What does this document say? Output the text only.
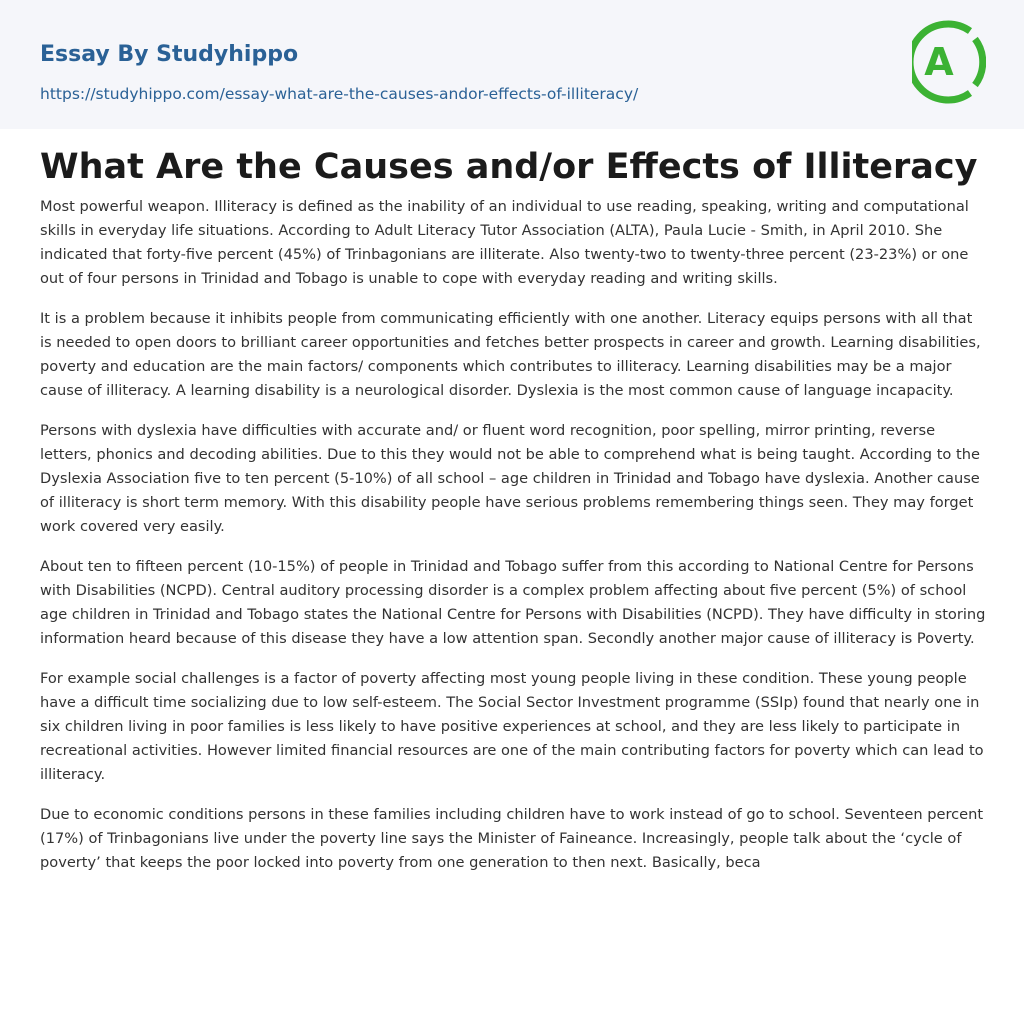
Essay By Studyhippo
https://studyhippo.com/essay-what-are-the-causes-andor-effects-of-illiteracy/
A
What Are the Causes and/or Effects of Illiteracy

Most powerful weapon. Illiteracy is defined as the inability of an individual to use reading, speaking, writing and computational skills in everyday life situations. According to Adult Literacy Tutor Association (ALTA), Paula Lucie - Smith, in April 2010. She indicated that forty-five percent (45%) of Trinbagonians are illiterate. Also twenty-two to twenty-three percent (23-23%) or one out of four persons in Trinidad and Tobago is unable to cope with everyday reading and writing skills.

It is a problem because it inhibits people from communicating efficiently with one another. Literacy equips persons with all that is needed to open doors to brilliant career opportunities and fetches better prospects in career and growth. Learning disabilities, poverty and education are the main factors/ components which contributes to illiteracy. Learning disabilities may be a major cause of illiteracy. A learning disability is a neurological disorder. Dyslexia is the most common cause of language incapacity.

Persons with dyslexia have difficulties with accurate and/ or fluent word recognition, poor spelling, mirror printing, reverse letters, phonics and decoding abilities. Due to this they would not be able to comprehend what is being taught. According to the Dyslexia Association five to ten percent (5-10%) of all school – age children in Trinidad and Tobago have dyslexia. Another cause of illiteracy is short term memory. With this disability people have serious problems remembering things seen. They may forget work covered very easily.

About ten to fifteen percent (10-15%) of people in Trinidad and Tobago suffer from this according to National Centre for Persons with Disabilities (NCPD). Central auditory processing disorder is a complex problem affecting about five percent (5%) of school age children in Trinidad and Tobago states the National Centre for Persons with Disabilities (NCPD). They have difficulty in storing information heard because of this disease they have a low attention span. Secondly another major cause of illiteracy is Poverty.

For example social challenges is a factor of poverty affecting most young people living in these condition. These young people have a difficult time socializing due to low self-esteem. The Social Sector Investment programme (SSIp) found that nearly one in six children living in poor families is less likely to have positive experiences at school, and they are less likely to participate in recreational activities. However limited financial resources are one of the main contributing factors for poverty which can lead to illiteracy.

Due to economic conditions persons in these families including children have to work instead of go to school. Seventeen percent (17%) of Trinbagonians live under the poverty line says the Minister of Faineance. Increasingly, people talk about the ‘cycle of poverty’ that keeps the poor locked into poverty from one generation to then next. Basically, beca
